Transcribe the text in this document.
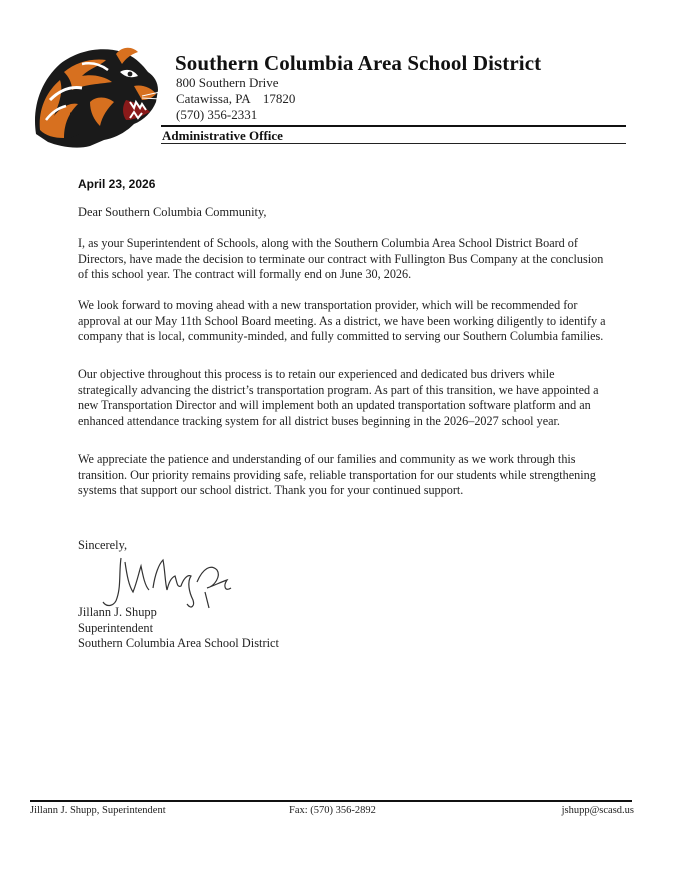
Southern Columbia Area School District
800 Southern Drive
Catawissa, PA    17820
(570) 356-2331
Administrative Office
April 23, 2026
Dear Southern Columbia Community,

I, as your Superintendent of Schools, along with the Southern Columbia Area School District Board of Directors, have made the decision to terminate our contract with Fullington Bus Company at the conclusion of this school year. The contract will formally end on June 30, 2026.

We look forward to moving ahead with a new transportation provider, which will be recommended for approval at our May 11th School Board meeting. As a district, we have been working diligently to identify a company that is local, community-minded, and fully committed to serving our Southern Columbia families.

Our objective throughout this process is to retain our experienced and dedicated bus drivers while strategically advancing the district’s transportation program. As part of this transition, we have appointed a new Transportation Director and will implement both an updated transportation software platform and an enhanced attendance tracking system for all district buses beginning in the 2026–2027 school year.

We appreciate the patience and understanding of our families and community as we work through this transition. Our priority remains providing safe, reliable transportation for our students while strengthening systems that support our school district. Thank you for your continued support.

Sincerely,
Jillann J. Shupp
Superintendent
Southern Columbia Area School District
Jillann J. Shupp, Superintendent	Fax: (570) 356-2892	jshupp@scasd.us
